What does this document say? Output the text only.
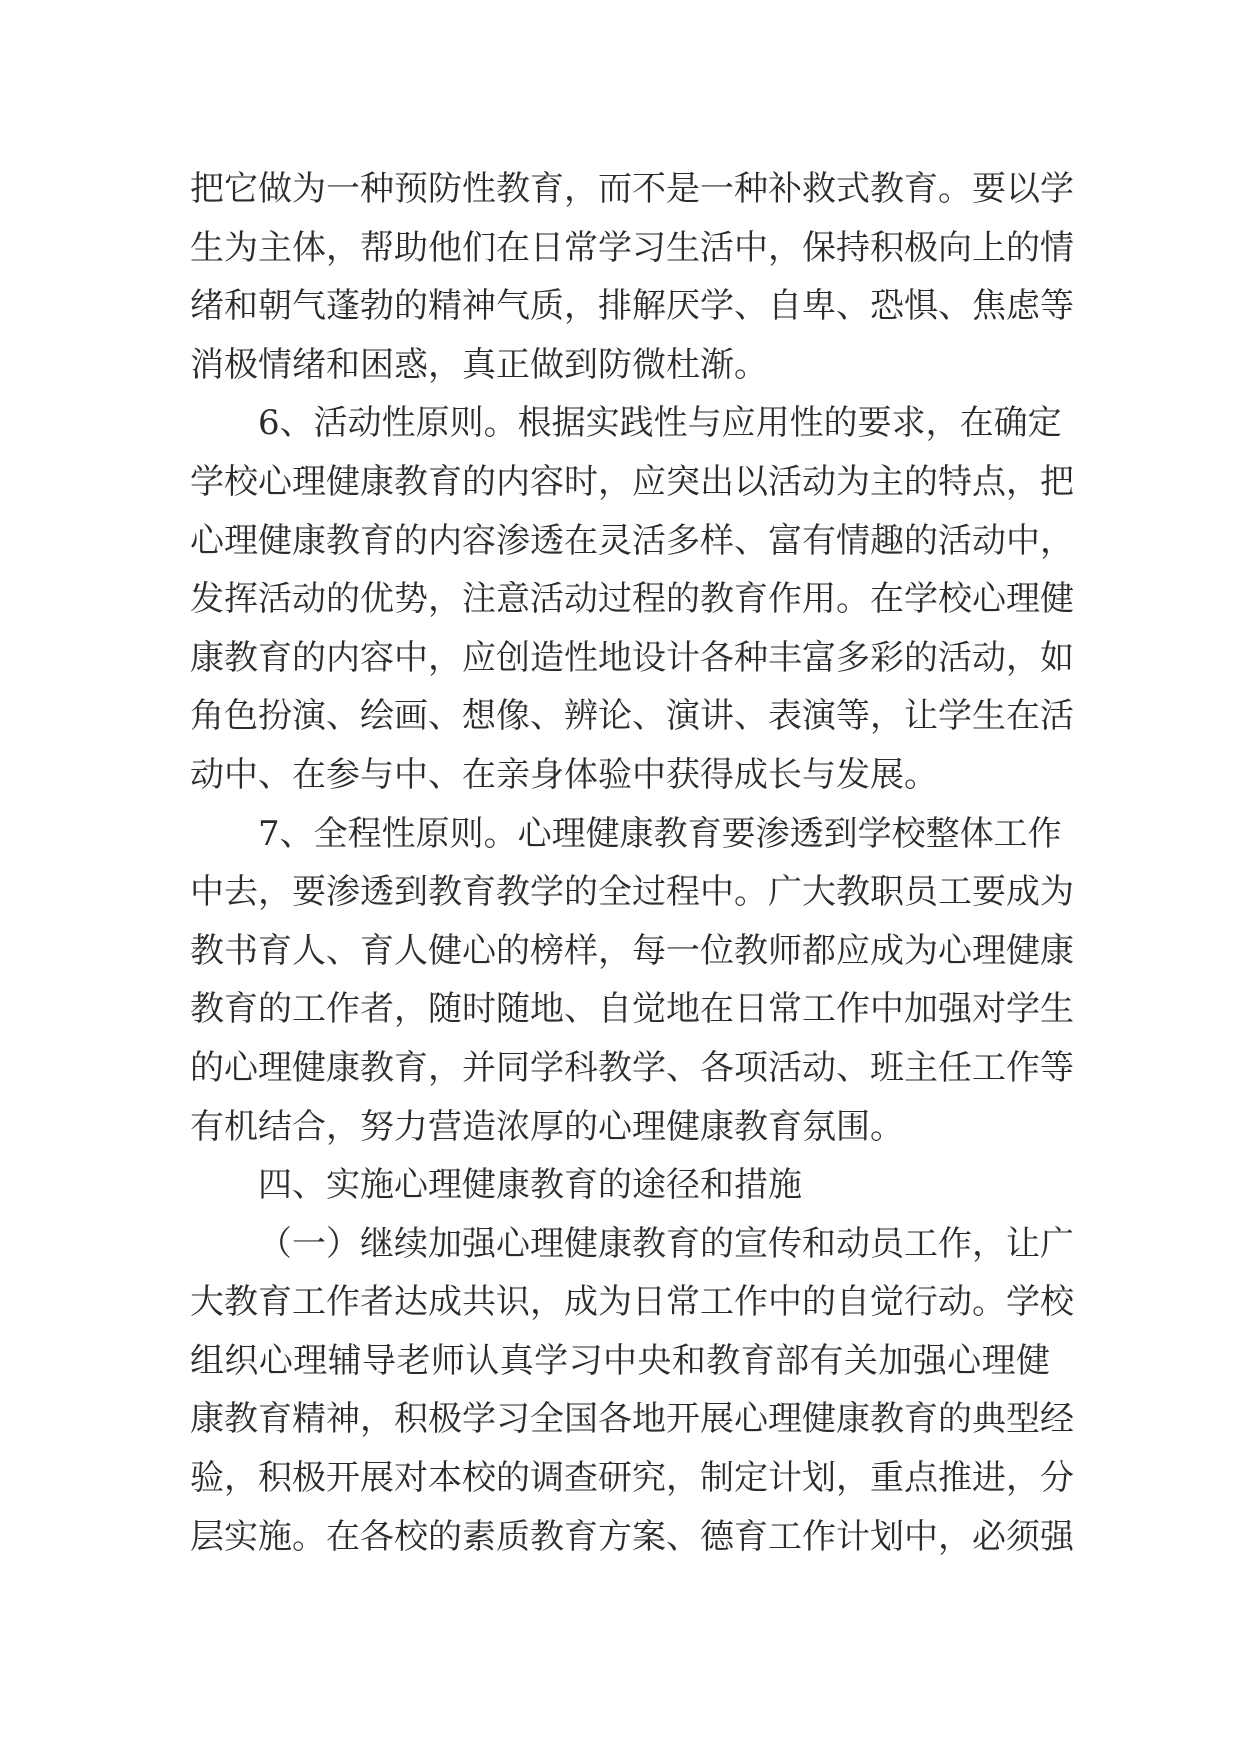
把它做为一种预防性教育，而不是一种补救式教育。要以学
生为主体，帮助他们在日常学习生活中，保持积极向上的情
绪和朝气蓬勃的精神气质，排解厌学、自卑、恐惧、焦虑等
消极情绪和困惑，真正做到防微杜渐。
6、活动性原则。根据实践性与应用性的要求，在确定
学校心理健康教育的内容时，应突出以活动为主的特点，把
心理健康教育的内容渗透在灵活多样、富有情趣的活动中，
发挥活动的优势，注意活动过程的教育作用。在学校心理健
康教育的内容中，应创造性地设计各种丰富多彩的活动，如
角色扮演、绘画、想像、辨论、演讲、表演等，让学生在活
动中、在参与中、在亲身体验中获得成长与发展。
7、全程性原则。心理健康教育要渗透到学校整体工作
中去，要渗透到教育教学的全过程中。广大教职员工要成为
教书育人、育人健心的榜样，每一位教师都应成为心理健康
教育的工作者，随时随地、自觉地在日常工作中加强对学生
的心理健康教育，并同学科教学、各项活动、班主任工作等
有机结合，努力营造浓厚的心理健康教育氛围。
四、实施心理健康教育的途径和措施
（一）继续加强心理健康教育的宣传和动员工作，让广
大教育工作者达成共识，成为日常工作中的自觉行动。学校
组织心理辅导老师认真学习中央和教育部有关加强心理健
康教育精神，积极学习全国各地开展心理健康教育的典型经
验，积极开展对本校的调查研究，制定计划，重点推进，分
层实施。在各校的素质教育方案、德育工作计划中，必须强
